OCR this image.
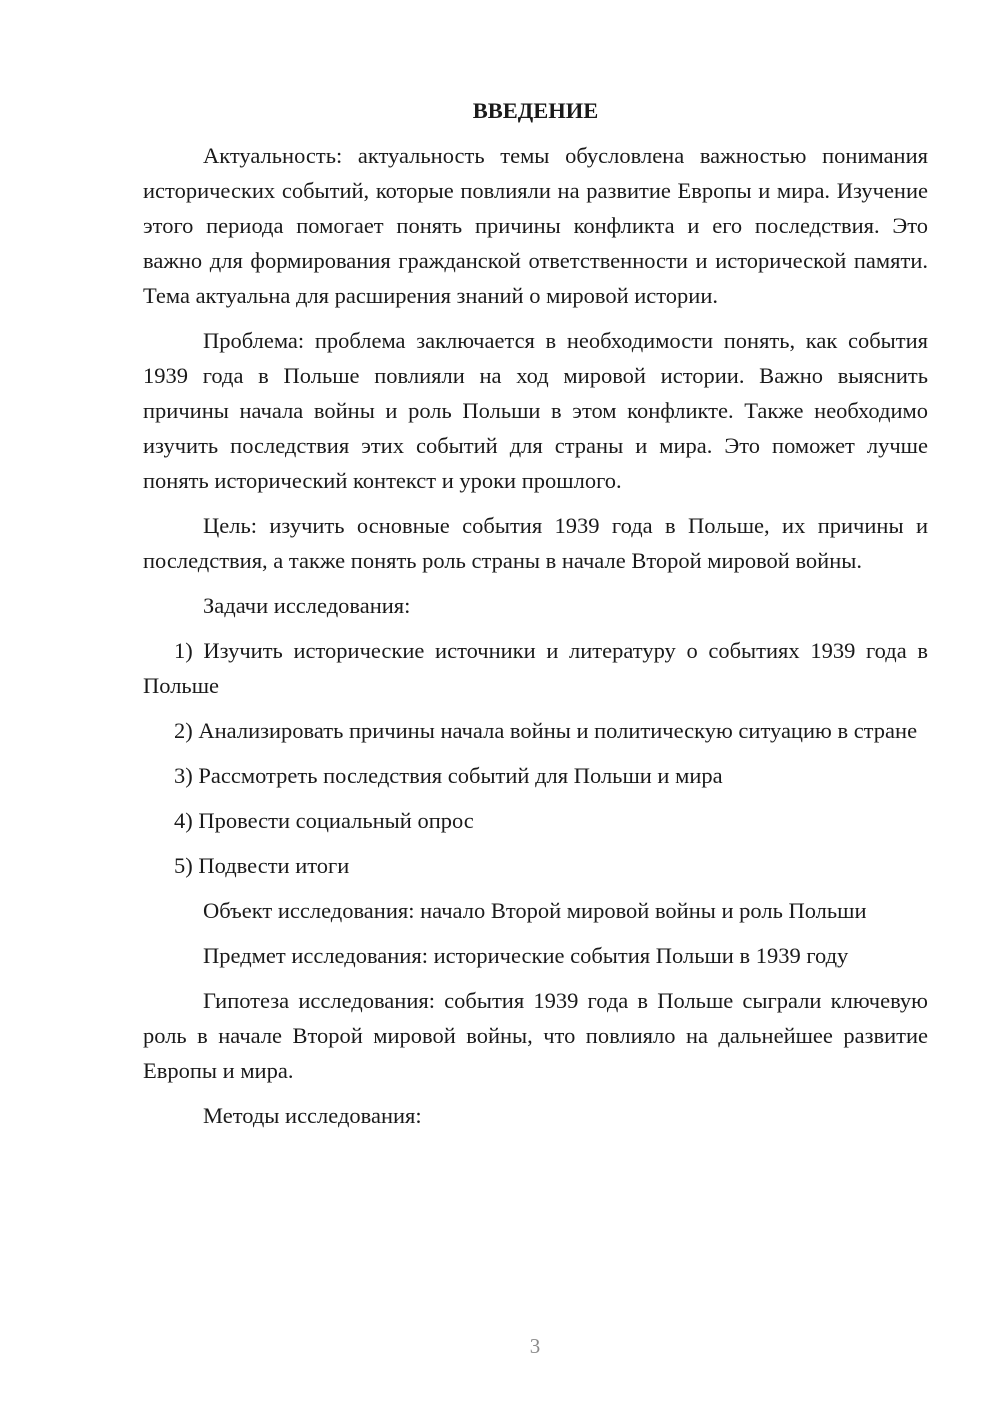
ВВЕДЕНИЕ

Актуальность: актуальность темы обусловлена важностью понимания исторических событий, которые повлияли на развитие Европы и мира. Изучение этого периода помогает понять причины конфликта и его последствия. Это важно для формирования гражданской ответственности и исторической памяти. Тема актуальна для расширения знаний о мировой истории.

Проблема: проблема заключается в необходимости понять, как события 1939 года в Польше повлияли на ход мировой истории. Важно выяснить причины начала войны и роль Польши в этом конфликте. Также необходимо изучить последствия этих событий для страны и мира. Это поможет лучше понять исторический контекст и уроки прошлого.

Цель: изучить основные события 1939 года в Польше, их причины и последствия, а также понять роль страны в начале Второй мировой войны.

Задачи исследования:

1) Изучить исторические источники и литературу о событиях 1939 года в Польше

2) Анализировать причины начала войны и политическую ситуацию в стране

3) Рассмотреть последствия событий для Польши и мира

4) Провести социальный опрос

5) Подвести итоги

Объект исследования: начало Второй мировой войны и роль Польши

Предмет исследования: исторические события Польши в 1939 году

Гипотеза исследования: события 1939 года в Польше сыграли ключевую роль в начале Второй мировой войны, что повлияло на дальнейшее развитие Европы и мира.

Методы исследования:

3
